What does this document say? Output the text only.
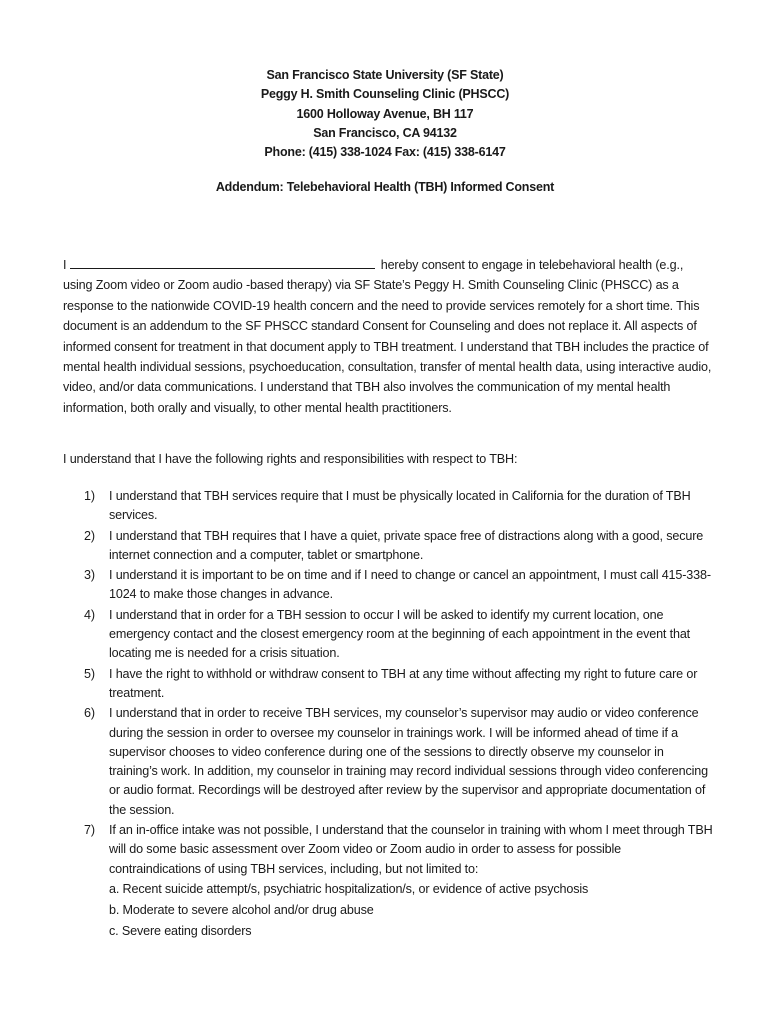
San Francisco State University (SF State)
Peggy H. Smith Counseling Clinic (PHSCC)
1600 Holloway Avenue, BH 117
San Francisco, CA 94132
Phone: (415) 338-1024 Fax: (415) 338-6147
Addendum: Telebehavioral Health (TBH) Informed Consent
I	hereby consent to engage in telebehavioral health (e.g., using Zoom video or Zoom audio -based therapy) via SF State’s Peggy H. Smith Counseling Clinic (PHSCC) as a response to the nationwide COVID-19 health concern and the need to provide services remotely for a short time. This document is an addendum to the SF PHSCC standard Consent for Counseling and does not replace it. All aspects of informed consent for treatment in that document apply to TBH treatment. I understand that TBH includes the practice of mental health individual sessions, psychoeducation, consultation, transfer of mental health data, using interactive audio, video, and/or data communications. I understand that TBH also involves the communication of my mental health information, both orally and visually, to other mental health practitioners.
I understand that I have the following rights and responsibilities with respect to TBH:
1) I understand that TBH services require that I must be physically located in California for the duration of TBH services.
2) I understand that TBH requires that I have a quiet, private space free of distractions along with a good, secure internet connection and a computer, tablet or smartphone.
3) I understand it is important to be on time and if I need to change or cancel an appointment, I must call 415-338-1024 to make those changes in advance.
4) I understand that in order for a TBH session to occur I will be asked to identify my current location, one emergency contact and the closest emergency room at the beginning of each appointment in the event that locating me is needed for a crisis situation.
5) I have the right to withhold or withdraw consent to TBH at any time without affecting my right to future care or treatment.
6) I understand that in order to receive TBH services, my counselor’s supervisor may audio or video conference during the session in order to oversee my counselor in trainings work. I will be informed ahead of time if a supervisor chooses to video conference during one of the sessions to directly observe my counselor in training’s work. In addition, my counselor in training may record individual sessions through video conferencing or audio format. Recordings will be destroyed after review by the supervisor and appropriate documentation of the session.
7) If an in-office intake was not possible, I understand that the counselor in training with whom I meet through TBH will do some basic assessment over Zoom video or Zoom audio in order to assess for possible contraindications of using TBH services, including, but not limited to:
a. Recent suicide attempt/s, psychiatric hospitalization/s, or evidence of active psychosis
b. Moderate to severe alcohol and/or drug abuse
c. Severe eating disorders
